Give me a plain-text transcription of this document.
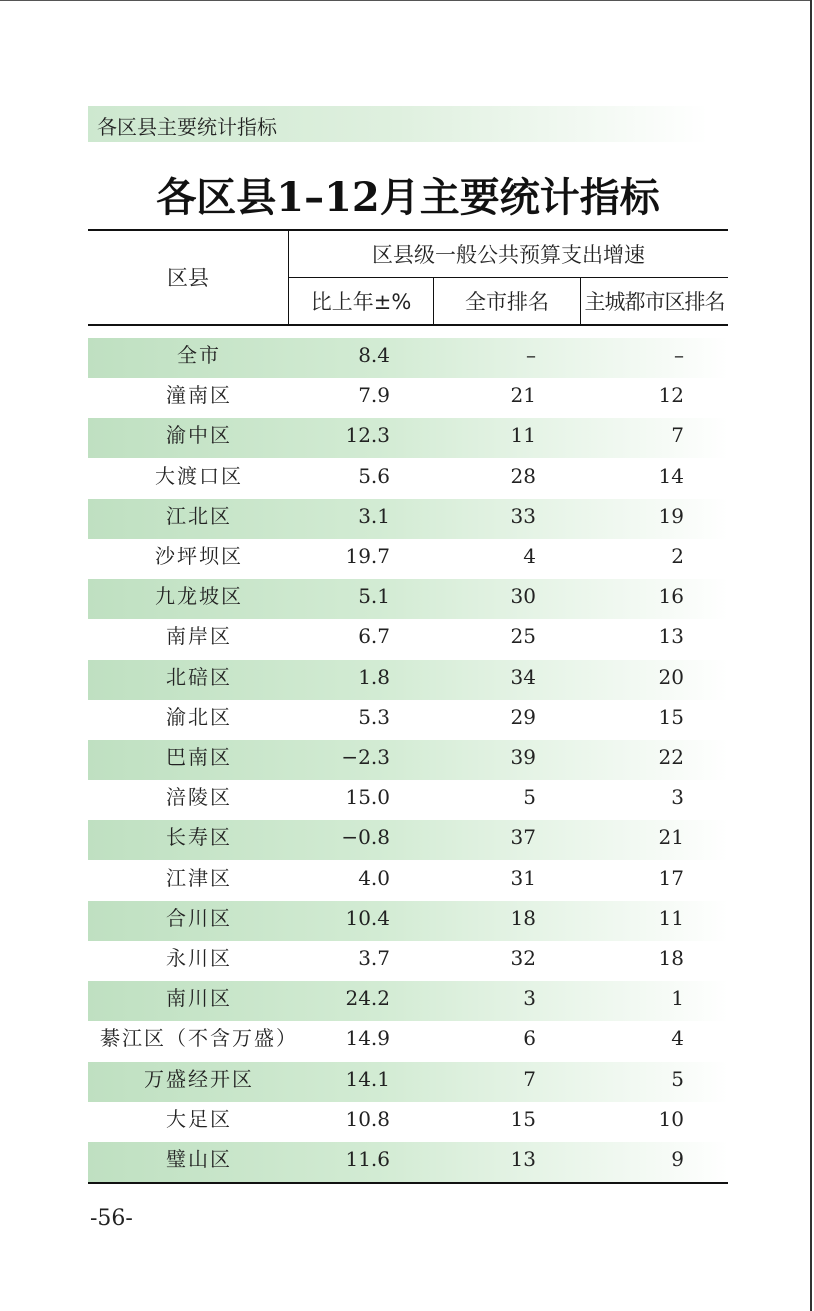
各区县主要统计指标
各区县1–12月主要统计指标
区县
区县级一般公共预算支出增速
比上年±%	全市排名	主城都市区排名
全市	8.4	–	–
潼南区	7.9	21	12
渝中区	12.3	11	7
大渡口区	5.6	28	14
江北区	3.1	33	19
沙坪坝区	19.7	4	2
九龙坡区	5.1	30	16
南岸区	6.7	25	13
北碚区	1.8	34	20
渝北区	5.3	29	15
巴南区	−2.3	39	22
涪陵区	15.0	5	3
长寿区	−0.8	37	21
江津区	4.0	31	17
合川区	10.4	18	11
永川区	3.7	32	18
南川区	24.2	3	1
綦江区（不含万盛）	14.9	6	4
万盛经开区	14.1	7	5
大足区	10.8	15	10
璧山区	11.6	13	9
-56-
